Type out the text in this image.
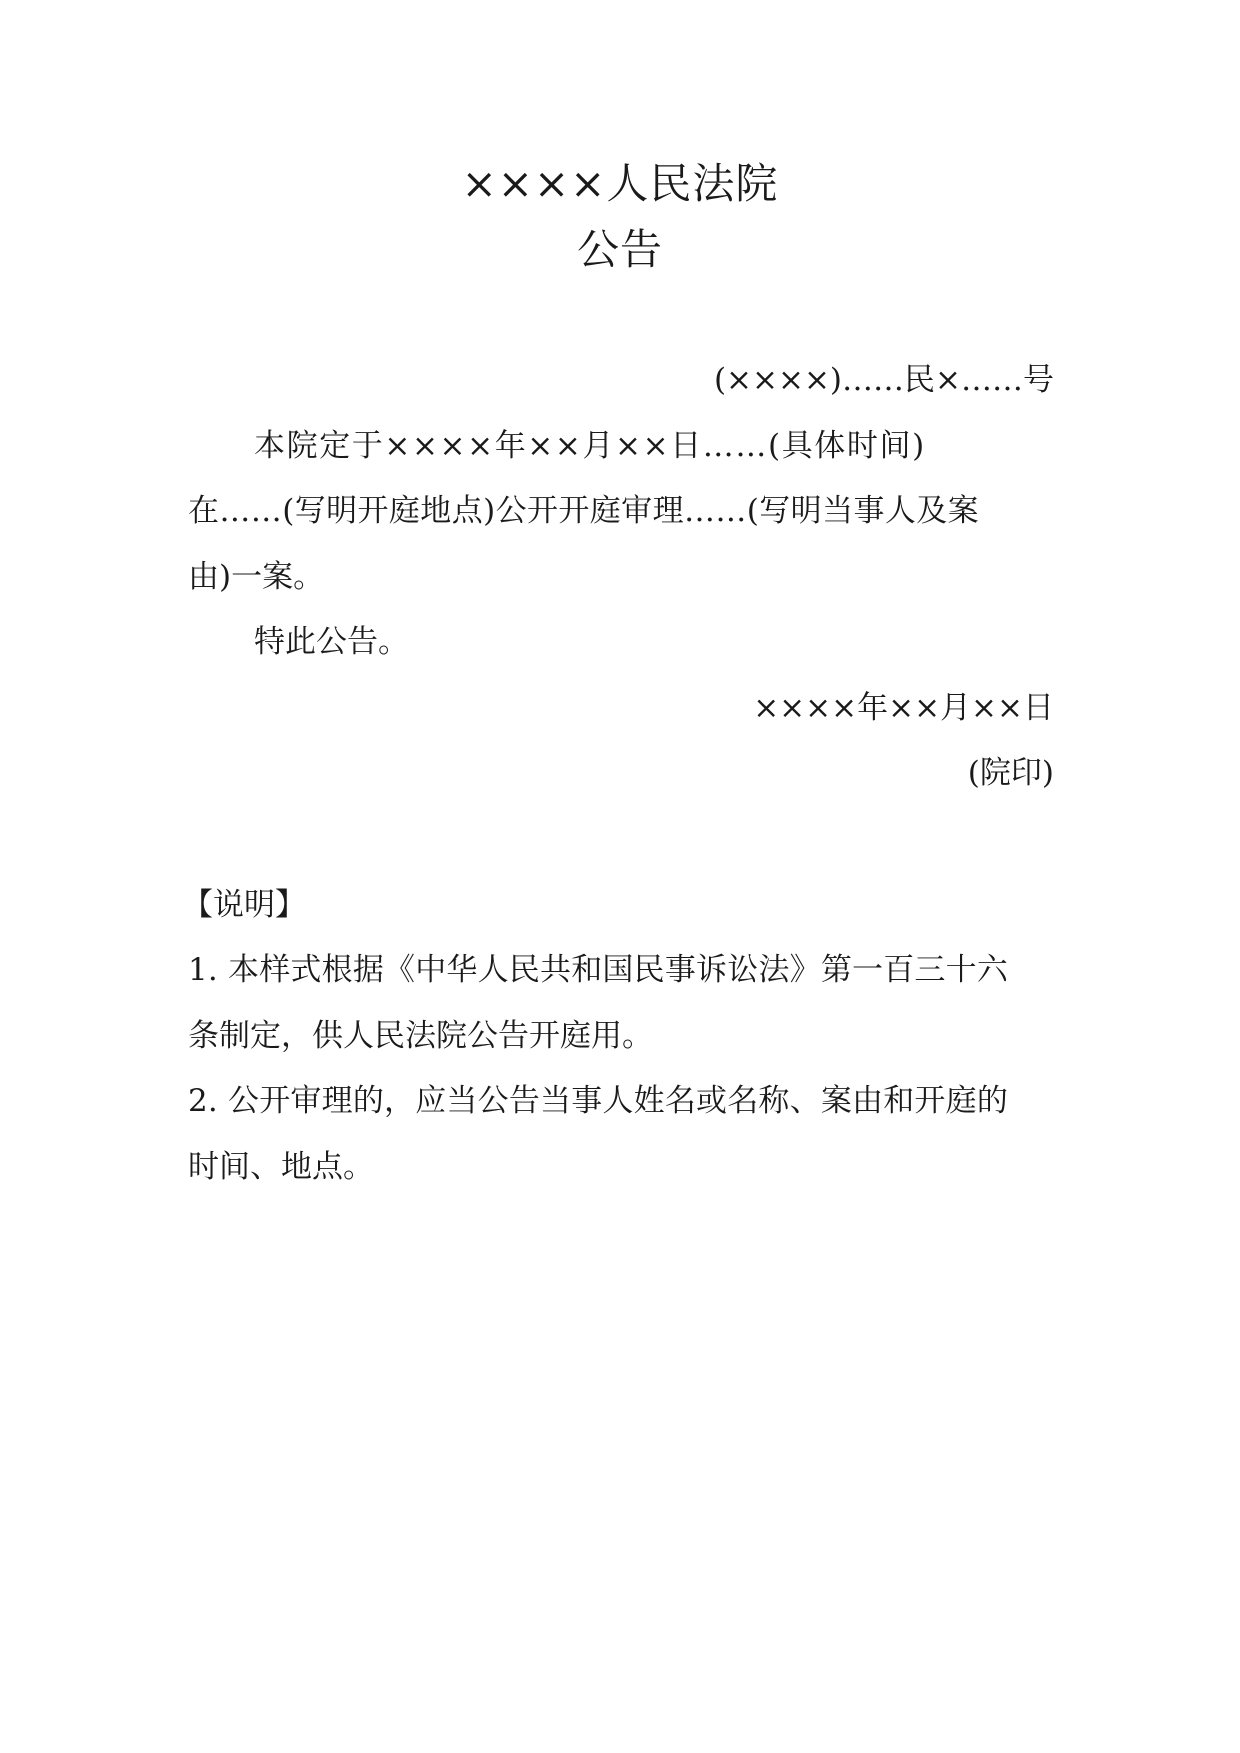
××××人民法院
公告
(××××)……民×……号
本院定于××××年××月××日……(具体时间)
在……(写明开庭地点)公开开庭审理……(写明当事人及案
由)一案。
特此公告。
××××年××月××日
(院印)
【说明】
1. 本样式根据《中华人民共和国民事诉讼法》第一百三十六
条制定，供人民法院公告开庭用。
2. 公开审理的，应当公告当事人姓名或名称、案由和开庭的
时间、地点。
